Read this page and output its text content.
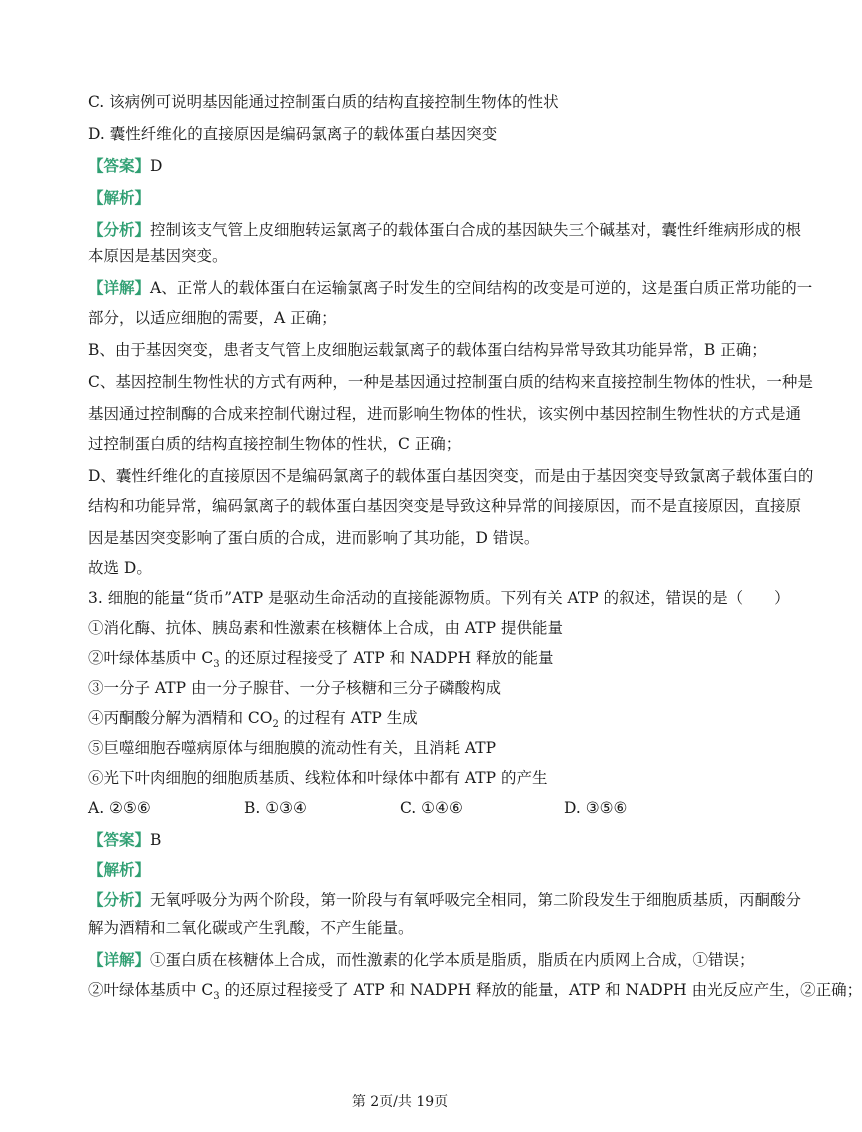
C. 该病例可说明基因能通过控制蛋白质的结构直接控制生物体的性状
D. 囊性纤维化的直接原因是编码氯离子的载体蛋白基因突变
【答案】D
【解析】
【分析】控制该支气管上皮细胞转运氯离子的载体蛋白合成的基因缺失三个碱基对，囊性纤维病形成的根
本原因是基因突变。
【详解】A、正常人的载体蛋白在运输氯离子时发生的空间结构的改变是可逆的，这是蛋白质正常功能的一
部分，以适应细胞的需要，A 正确；
B、由于基因突变，患者支气管上皮细胞运载氯离子的载体蛋白结构异常导致其功能异常，B 正确；
C、基因控制生物性状的方式有两种，一种是基因通过控制蛋白质的结构来直接控制生物体的性状，一种是
基因通过控制酶的合成来控制代谢过程，进而影响生物体的性状，该实例中基因控制生物性状的方式是通
过控制蛋白质的结构直接控制生物体的性状，C 正确；
D、囊性纤维化的直接原因不是编码氯离子的载体蛋白基因突变，而是由于基因突变导致氯离子载体蛋白的
结构和功能异常，编码氯离子的载体蛋白基因突变是导致这种异常的间接原因，而不是直接原因，直接原
因是基因突变影响了蛋白质的合成，进而影响了其功能，D 错误。
故选 D。
3. 细胞的能量“货币”ATP 是驱动生命活动的直接能源物质。下列有关 ATP 的叙述，错误的是（　　）
①消化酶、抗体、胰岛素和性激素在核糖体上合成，由 ATP 提供能量
②叶绿体基质中 $C_3$ 的还原过程接受了 ATP 和 NADPH 释放的能量
③一分子 ATP 由一分子腺苷、一分子核糖和三分子磷酸构成
④丙酮酸分解为酒精和 $CO_2$ 的过程有 ATP 生成
⑤巨噬细胞吞噬病原体与细胞膜的流动性有关，且消耗 ATP
⑥光下叶肉细胞的细胞质基质、线粒体和叶绿体中都有 ATP 的产生
A. ②⑤⑥	B. ①③④	C. ①④⑥	D. ③⑤⑥
【答案】B
【解析】
【分析】无氧呼吸分为两个阶段，第一阶段与有氧呼吸完全相同，第二阶段发生于细胞质基质，丙酮酸分
解为酒精和二氧化碳或产生乳酸，不产生能量。
【详解】①蛋白质在核糖体上合成，而性激素的化学本质是脂质，脂质在内质网上合成，①错误；
②叶绿体基质中 $C_3$ 的还原过程接受了 ATP 和 NADPH 释放的能量，ATP 和 NADPH 由光反应产生，②正确；
第 2页/共 19页
